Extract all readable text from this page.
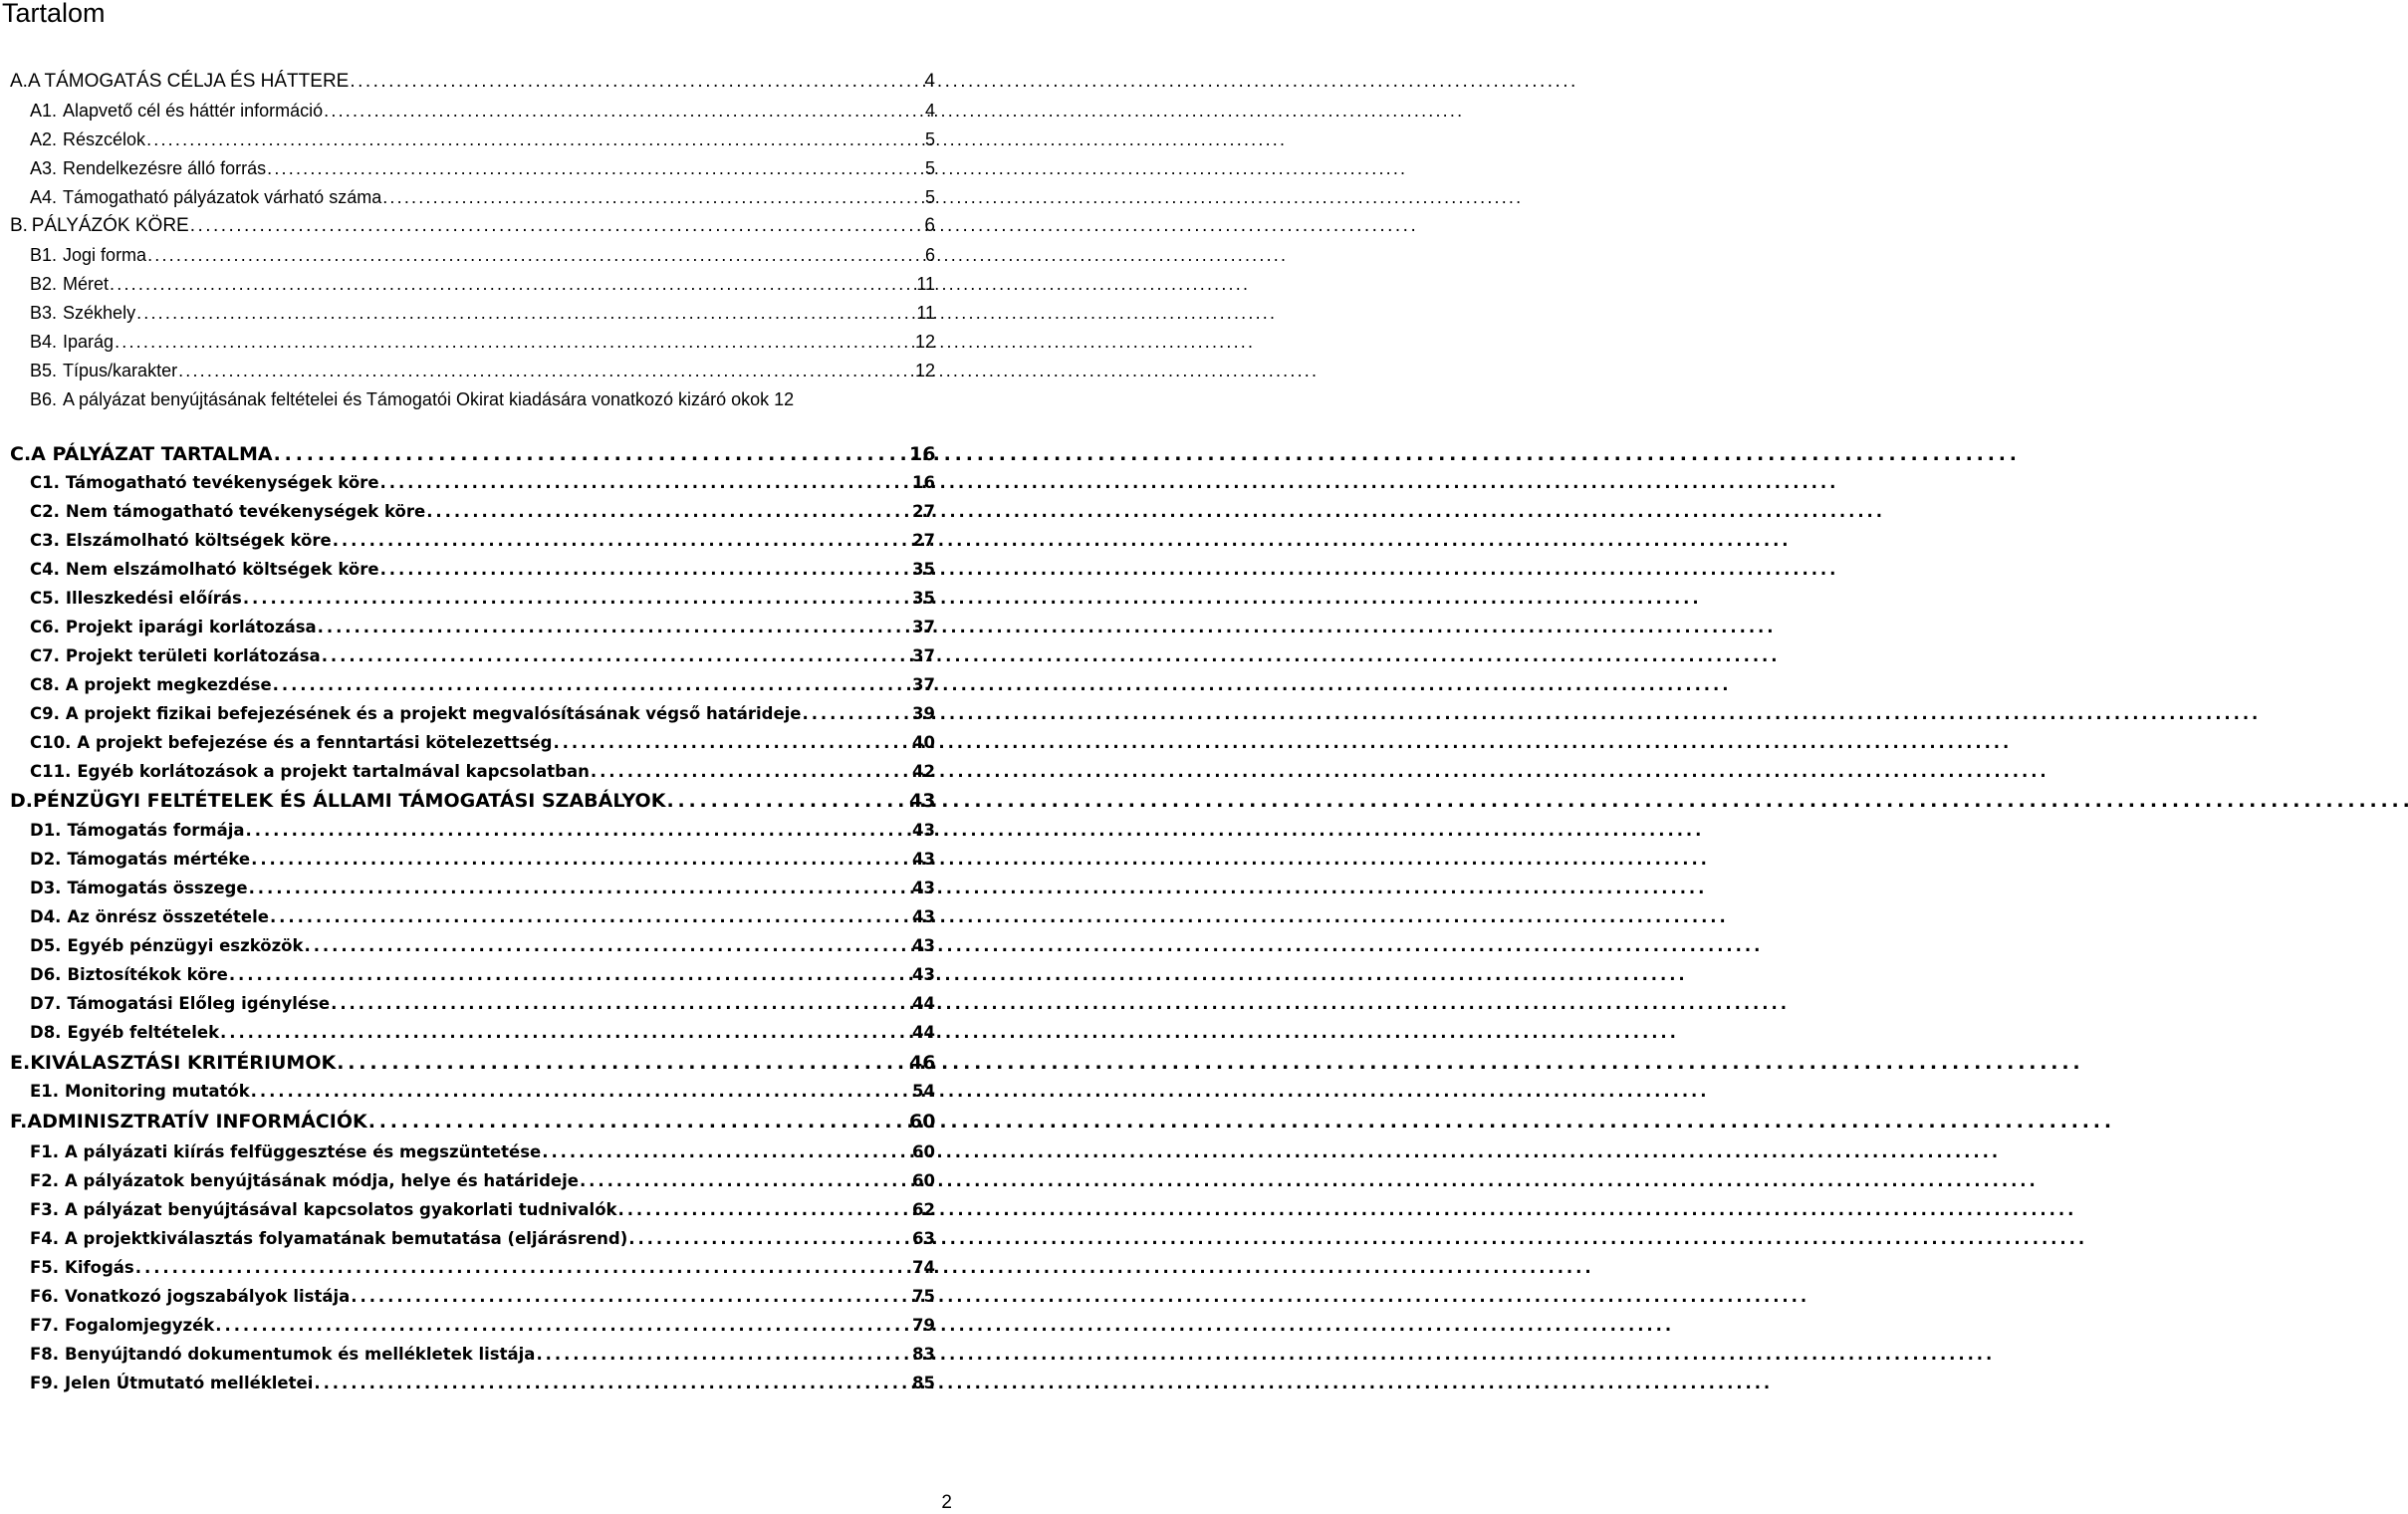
Tartalom
A. A TÁMOGATÁS CÉLJA ÉS HÁTTERE . . .	4
A1. Alapvető cél és háttér információ . . .	4
A2. Részcélok . . .	5
A3. Rendelkezésre álló forrás . . .	5
A4. Támogatható pályázatok várható száma . . .	5
B. PÁLYÁZÓK KÖRE . . .	6
B1. Jogi forma . . .	6
B2. Méret . . .	11
B3. Székhely . . .	11
B4. Iparág . . .	12
B5. Típus/karakter . . .	12
B6. A pályázat benyújtásának feltételei és Támogatói Okirat kiadására vonatkozó kizáró okok 12
C. A PÁLYÁZAT TARTALMA . . .	16
C1. Támogatható tevékenységek köre . . .	16
C2. Nem támogatható tevékenységek köre . . .	27
C3. Elszámolható költségek köre . . .	27
C4. Nem elszámolható költségek köre . . .	35
C5. Illeszkedési előírás . . .	35
C6. Projekt iparági korlátozása . . .	37
C7. Projekt területi korlátozása . . .	37
C8. A projekt megkezdése . . .	37
C9. A projekt fizikai befejezésének és a projekt megvalósításának végső határideje . . .	39
C10. A projekt befejezése és a fenntartási kötelezettség . . .	40
C11. Egyéb korlátozások a projekt tartalmával kapcsolatban . . .	42
D. PÉNZÜGYI FELTÉTELEK ÉS ÁLLAMI TÁMOGATÁSI SZABÁLYOK . . .	43
D1. Támogatás formája . . .	43
D2. Támogatás mértéke . . .	43
D3. Támogatás összege . . .	43
D4. Az önrész összetétele . . .	43
D5. Egyéb pénzügyi eszközök . . .	43
D6. Biztosítékok köre . . .	43
D7. Támogatási Előleg igénylése . . .	44
D8. Egyéb feltételek . . .	44
E. KIVÁLASZTÁSI KRITÉRIUMOK . . .	46
E1. Monitoring mutatók . . .	54
F. ADMINISZTRATÍV INFORMÁCIÓK . . .	60
F1. A pályázati kiírás felfüggesztése és megszüntetése . . .	60
F2. A pályázatok benyújtásának módja, helye és határideje . . .	60
F3. A pályázat benyújtásával kapcsolatos gyakorlati tudnivalók . . .	62
F4. A projektkiválasztás folyamatának bemutatása (eljárásrend) . . .	63
F5. Kifogás . . .	74
F6. Vonatkozó jogszabályok listája . . .	75
F7. Fogalomjegyzék . . .	79
F8. Benyújtandó dokumentumok és mellékletek listája . . .	83
F9. Jelen Útmutató mellékletei . . .	85
2
